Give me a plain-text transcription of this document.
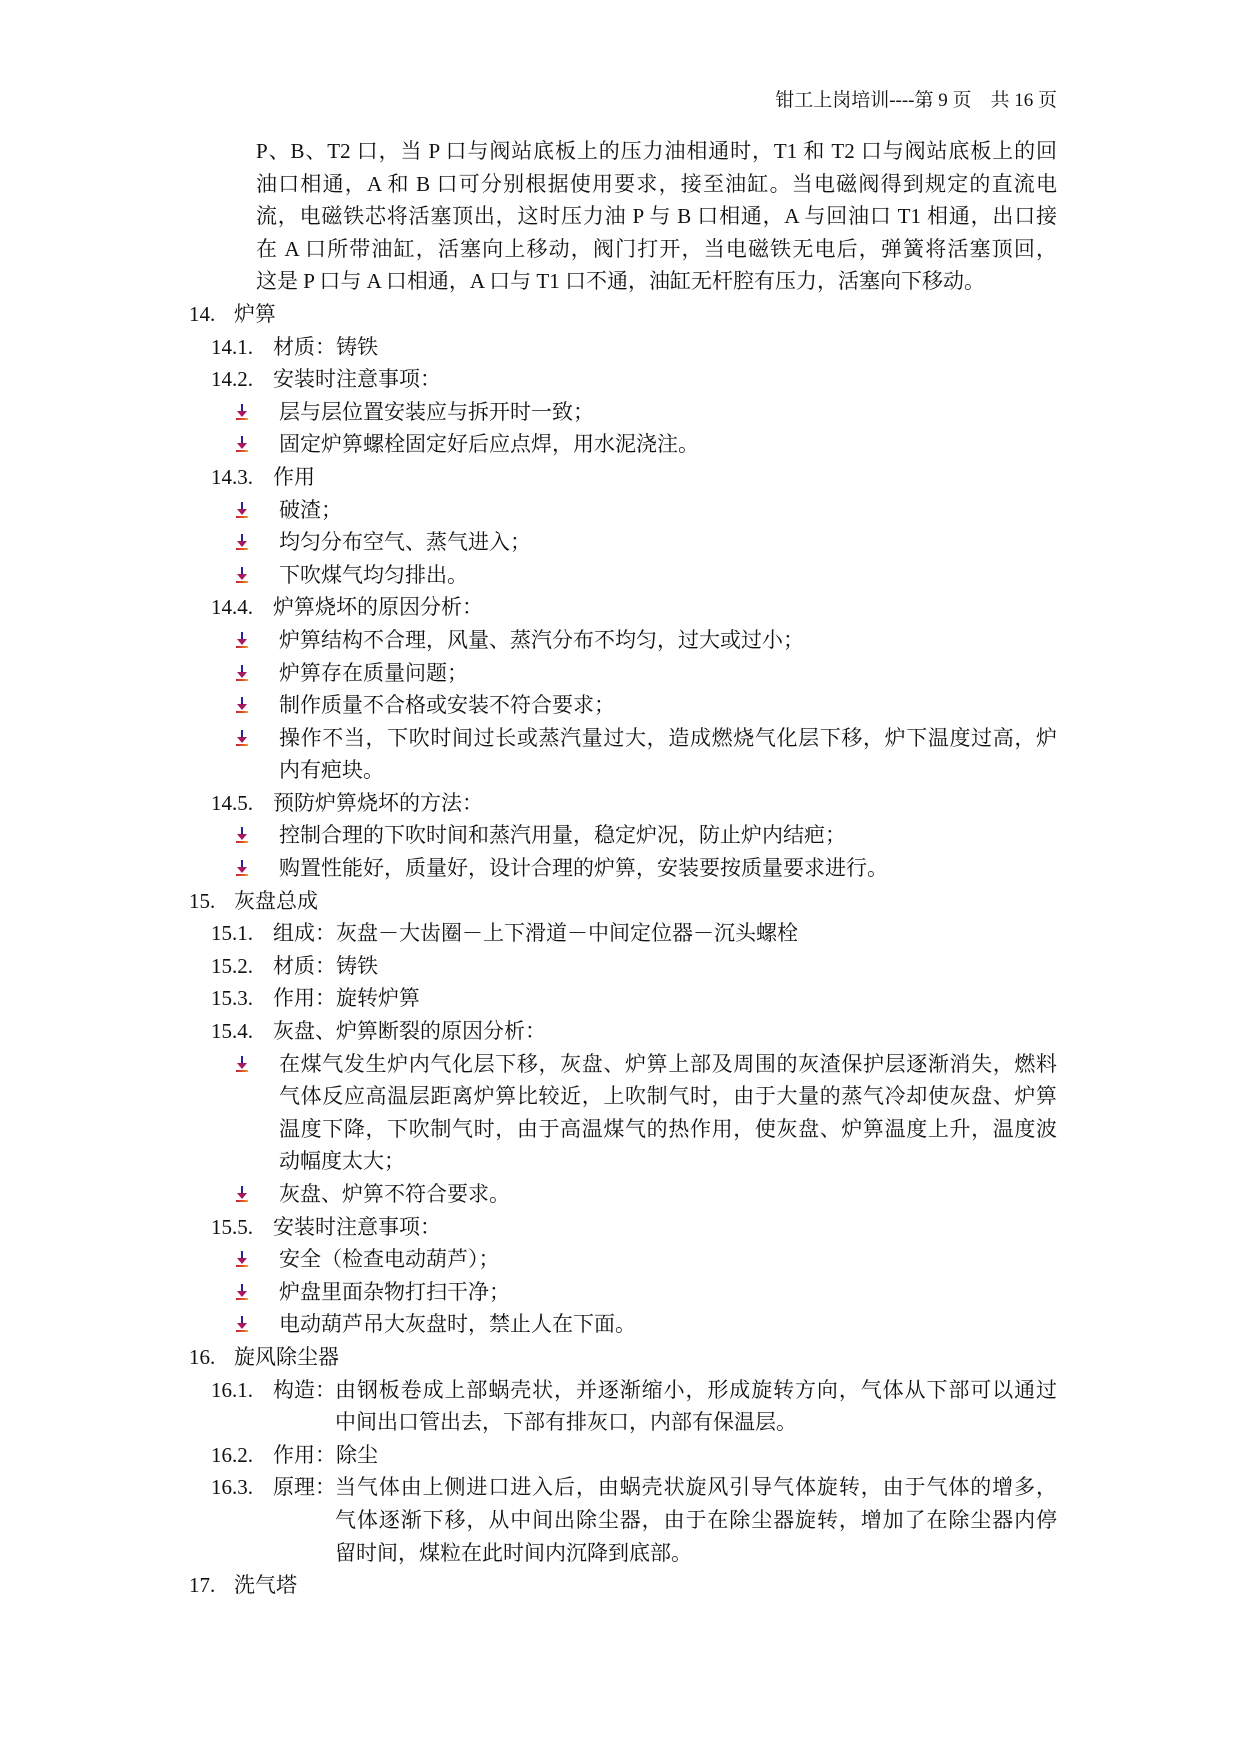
钳工上岗培训----第 9 页　共 16 页
P、B、T2 口，当 P 口与阀站底板上的压力油相通时，T1 和 T2 口与阀站底板上的回
油口相通，A 和 B 口可分别根据使用要求，接至油缸。当电磁阀得到规定的直流电
流，电磁铁芯将活塞顶出，这时压力油 P 与 B 口相通，A 与回油口 T1 相通，出口接
在 A 口所带油缸，活塞向上移动，阀门打开，当电磁铁无电后，弹簧将活塞顶回，
这是 P 口与 A 口相通，A 口与 T1 口不通，油缸无杆腔有压力，活塞向下移动。
14. 炉箅
14.1. 材质：铸铁
14.2. 安装时注意事项：
层与层位置安装应与拆开时一致；
固定炉箅螺栓固定好后应点焊，用水泥浇注。
14.3. 作用
破渣；
均匀分布空气、蒸气进入；
下吹煤气均匀排出。
14.4. 炉箅烧坏的原因分析：
炉箅结构不合理，风量、蒸汽分布不均匀，过大或过小；
炉箅存在质量问题；
制作质量不合格或安装不符合要求；
操作不当，下吹时间过长或蒸汽量过大，造成燃烧气化层下移，炉下温度过高，炉
内有疤块。
14.5. 预防炉箅烧坏的方法：
控制合理的下吹时间和蒸汽用量，稳定炉况，防止炉内结疤；
购置性能好，质量好，设计合理的炉箅，安装要按质量要求进行。
15. 灰盘总成
15.1. 组成：灰盘－大齿圈－上下滑道－中间定位器－沉头螺栓
15.2. 材质：铸铁
15.3. 作用：旋转炉箅
15.4. 灰盘、炉箅断裂的原因分析：
在煤气发生炉内气化层下移，灰盘、炉箅上部及周围的灰渣保护层逐渐消失，燃料
气体反应高温层距离炉箅比较近，上吹制气时，由于大量的蒸气冷却使灰盘、炉箅
温度下降，下吹制气时，由于高温煤气的热作用，使灰盘、炉箅温度上升，温度波
动幅度太大；
灰盘、炉箅不符合要求。
15.5. 安装时注意事项：
安全（检查电动葫芦）；
炉盘里面杂物打扫干净；
电动葫芦吊大灰盘时，禁止人在下面。
16. 旋风除尘器
16.1. 构造： 由钢板卷成上部蜗壳状，并逐渐缩小，形成旋转方向，气体从下部可以通过
中间出口管出去，下部有排灰口，内部有保温层。
16.2. 作用：除尘
16.3. 原理： 当气体由上侧进口进入后，由蜗壳状旋风引导气体旋转，由于气体的增多，
气体逐渐下移，从中间出除尘器，由于在除尘器旋转，增加了在除尘器内停
留时间，煤粒在此时间内沉降到底部。
17. 洗气塔
